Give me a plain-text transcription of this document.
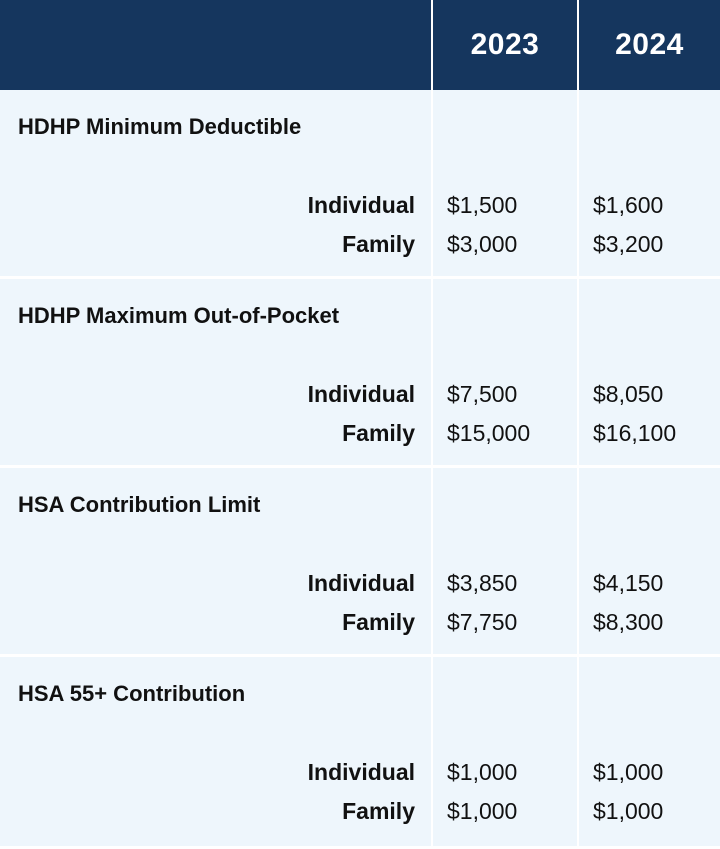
2023	2024
HDHP Minimum Deductible
Individual
Family
$1,500
$3,000
$1,600
$3,200
HDHP Maximum Out-of-Pocket
Individual
Family
$7,500
$15,000
$8,050
$16,100
HSA Contribution Limit
Individual
Family
$3,850
$7,750
$4,150
$8,300
HSA 55+ Contribution
Individual
Family
$1,000
$1,000
$1,000
$1,000
